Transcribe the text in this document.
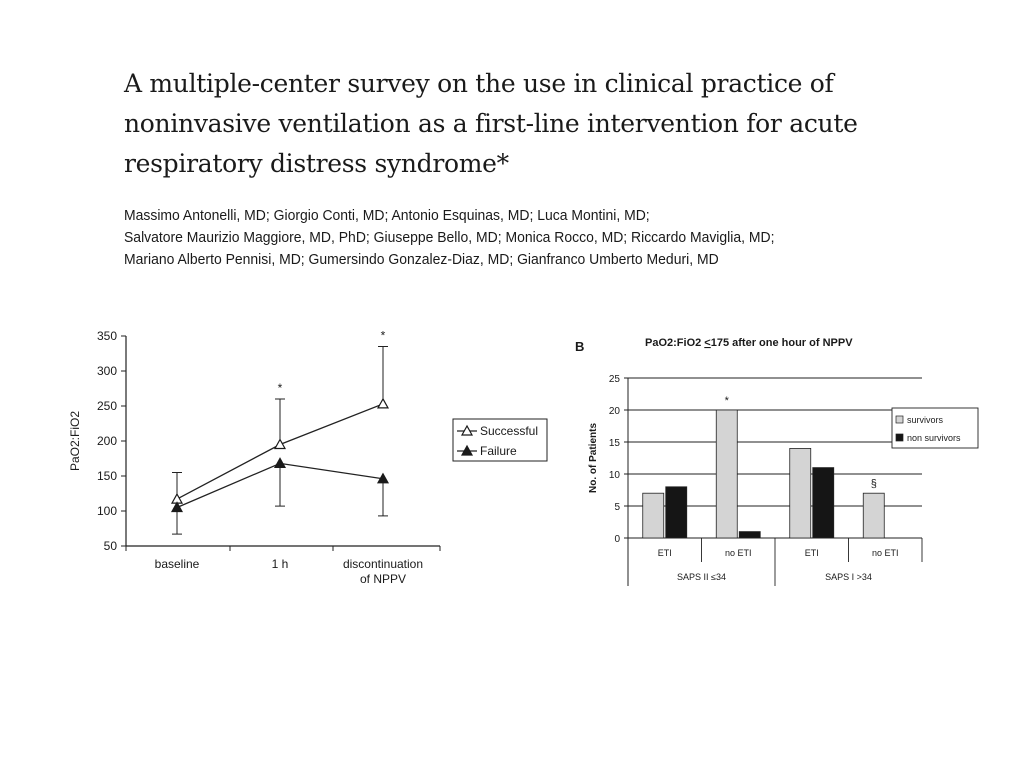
A multiple-center survey on the use in clinical practice of
noninvasive ventilation as a first-line intervention for acute
respiratory distress syndrome*
Massimo Antonelli, MD; Giorgio Conti, MD; Antonio Esquinas, MD; Luca Montini, MD;
Salvatore Maurizio Maggiore, MD, PhD; Giuseppe Bello, MD; Monica Rocco, MD; Riccardo Maviglia, MD;
Mariano Alberto Pennisi, MD; Gumersindo Gonzalez-Diaz, MD; Gianfranco Umberto Meduri, MD
50
100
150
200
250
300
350
baseline	1 h	discontinuation
of NPPV
PaO2:FiO2
*
*
Successful
Failure
B	PaO2:FiO2 <175 after one hour of NPPV
0
5
10
15
20
25
No. of Patients
ETI	no ETI	ETI	no ETI
SAPS II ≤34	SAPS I >34
*
§
survivors
non survivors
